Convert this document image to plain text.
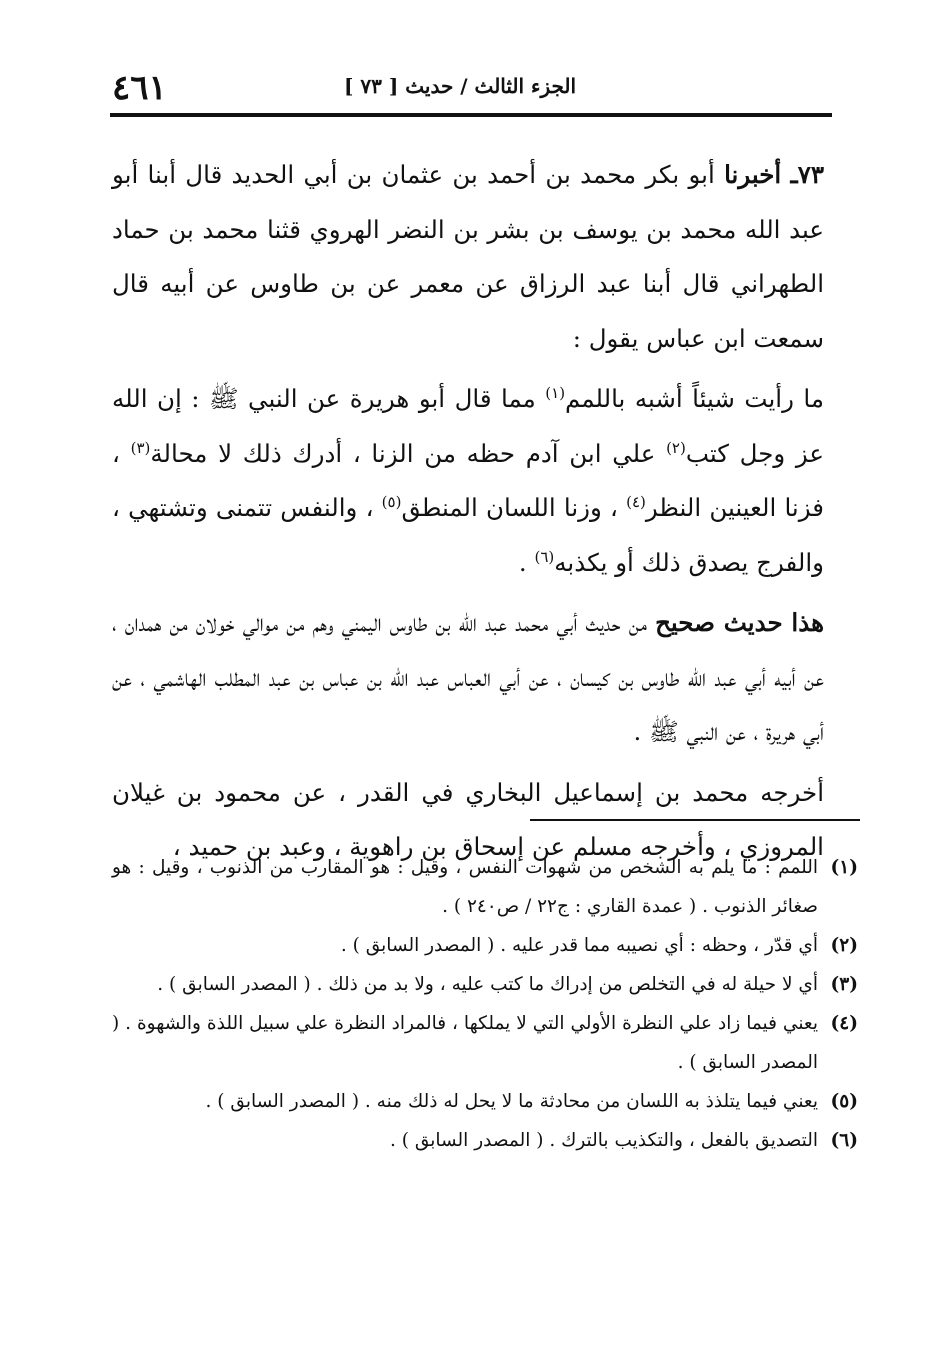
٤٦١	الجزء الثالث / حديث [ ٧٣ ]

٧٣ـ أخبرنا أبو بكر محمد بن أحمد بن عثمان بن أبي الحديد قال أبنا أبو عبد الله محمد بن يوسف بن بشر بن النضر الهروي قثنا محمد بن حماد الطهراني قال أبنا عبد الرزاق عن معمر عن بن طاوس عن أبيه قال سمعت ابن عباس يقول :

ما رأيت شيئاً أشبه باللمم$^{(١)}$ مما قال أبو هريرة عن النبي ﷺ : إن الله عز وجل كتب$^{(٢)}$ علي ابن آدم حظه من الزنا ، أدرك ذلك لا محالة$^{(٣)}$ ، فزنا العينين النظر$^{(٤)}$ ، وزنا اللسان المنطق$^{(٥)}$ ، والنفس تتمنى وتشتهي ، والفرج يصدق ذلك أو يكذبه$^{(٦)}$ .

هذا حديث صحيح من حديث أبي محمد عبد الله بن طاوس اليمني وهم من موالي خولان من همدان ، عن أبيه أبي عبد الله طاوس بن كيسان ، عن أبي العباس عبد الله بن عباس بن عبد المطلب الهاشمي ، عن أبي هريرة ، عن النبي ﷺ .

أخرجه محمد بن إسماعيل البخاري في القدر ، عن محمود بن غيلان المروزي ، وأخرجه مسلم عن إسحاق بن راهوية ، وعبد بن حميد ،

(١)
اللمم : ما يلم به الشخص من شهوات النفس ، وقيل : هو المقارب من الذنوب ، وقيل : هو صغائر الذنوب . ( عمدة القاري : ج٢٢ / ص٢٤٠ ) .
(٢)
أي قدّر ، وحظه : أي نصيبه مما قدر عليه . ( المصدر السابق ) .
(٣)
أي لا حيلة له في التخلص من إدراك ما كتب عليه ، ولا بد من ذلك . ( المصدر السابق ) .
(٤)
يعني فيما زاد علي النظرة الأولي التي لا يملكها ، فالمراد النظرة علي سبيل اللذة والشهوة . ( المصدر السابق ) .
(٥)
يعني فيما يتلذذ به اللسان من محادثة ما لا يحل له ذلك منه . ( المصدر السابق ) .
(٦)
التصديق بالفعل ، والتكذيب بالترك . ( المصدر السابق ) .
